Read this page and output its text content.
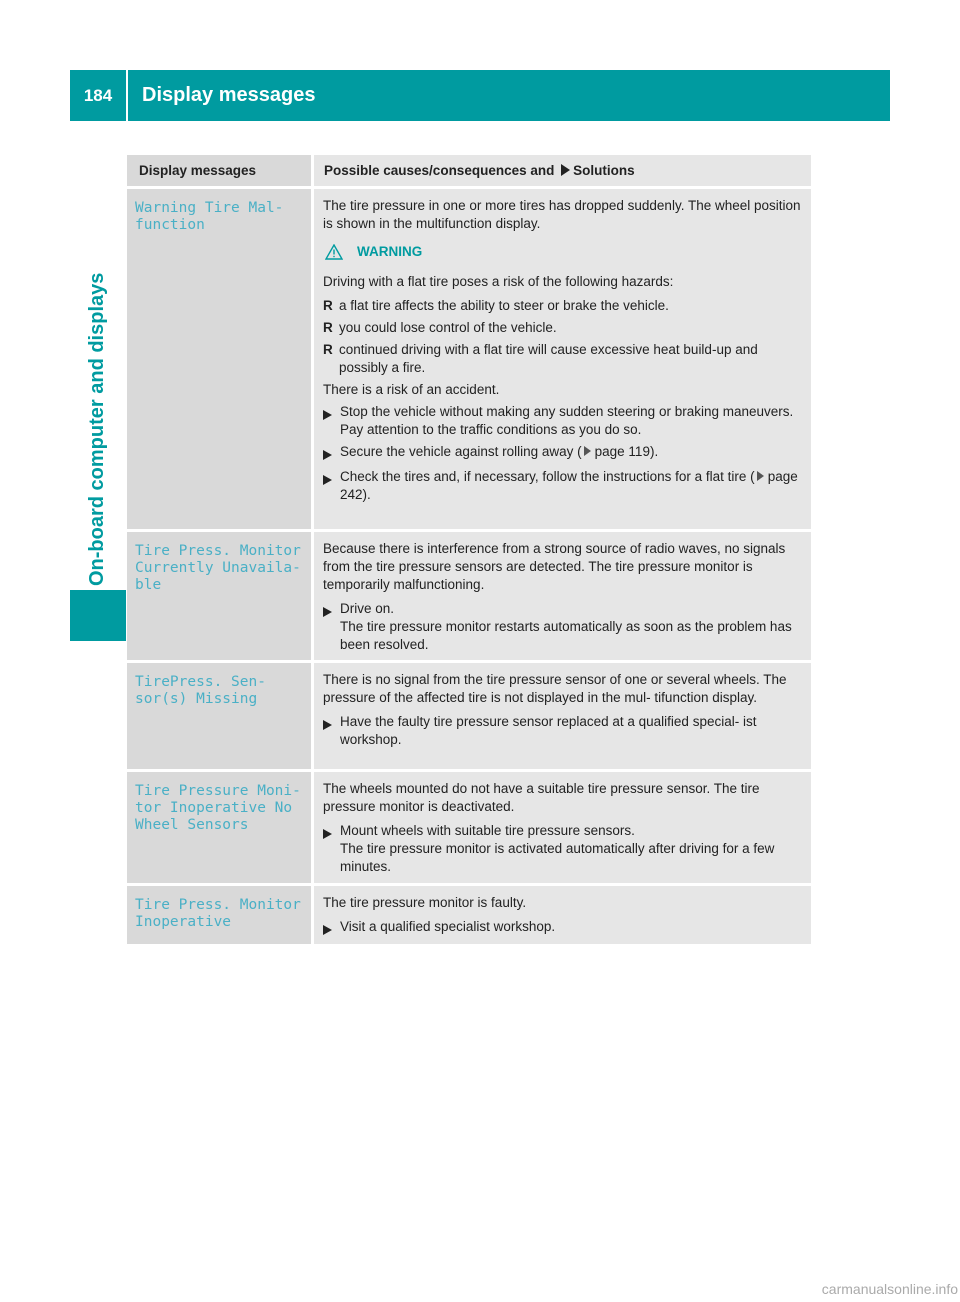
184	Display messages
On-board computer and displays
Display messages	Possible causes/consequences and Solutions
Warning Tire Mal‐
function
The tire pressure in one or more tires has dropped suddenly. The wheel position is shown in the multifunction display.
WARNING
Driving with a flat tire poses a risk of the following hazards:
R a flat tire affects the ability to steer or brake the vehicle.
R you could lose control of the vehicle.
R continued driving with a flat tire will cause excessive heat build-up and possibly a fire.
There is a risk of an accident.
Stop the vehicle without making any sudden steering or braking maneuvers. Pay attention to the traffic conditions as you do so.
Secure the vehicle against rolling away ( page 119).
Check the tires and, if necessary, follow the instructions for a flat tire ( page 242).
Tire Press. Monitor
Currently Unavaila‐
ble
Because there is interference from a strong source of radio waves, no signals from the tire pressure sensors are detected. The tire pressure monitor is temporarily malfunctioning.
Drive on.
The tire pressure monitor restarts automatically as soon as the problem has been resolved.
TirePress. Sen‐
sor(s) Missing
There is no signal from the tire pressure sensor of one or several wheels. The pressure of the affected tire is not displayed in the mul‐ tifunction display.
Have the faulty tire pressure sensor replaced at a qualified special‐ ist workshop.
Tire Pressure Moni‐
tor Inoperative No
Wheel Sensors
The wheels mounted do not have a suitable tire pressure sensor. The tire pressure monitor is deactivated.
Mount wheels with suitable tire pressure sensors.
The tire pressure monitor is activated automatically after driving for a few minutes.
Tire Press. Monitor
Inoperative
The tire pressure monitor is faulty.
Visit a qualified specialist workshop.
carmanualsonline.info
